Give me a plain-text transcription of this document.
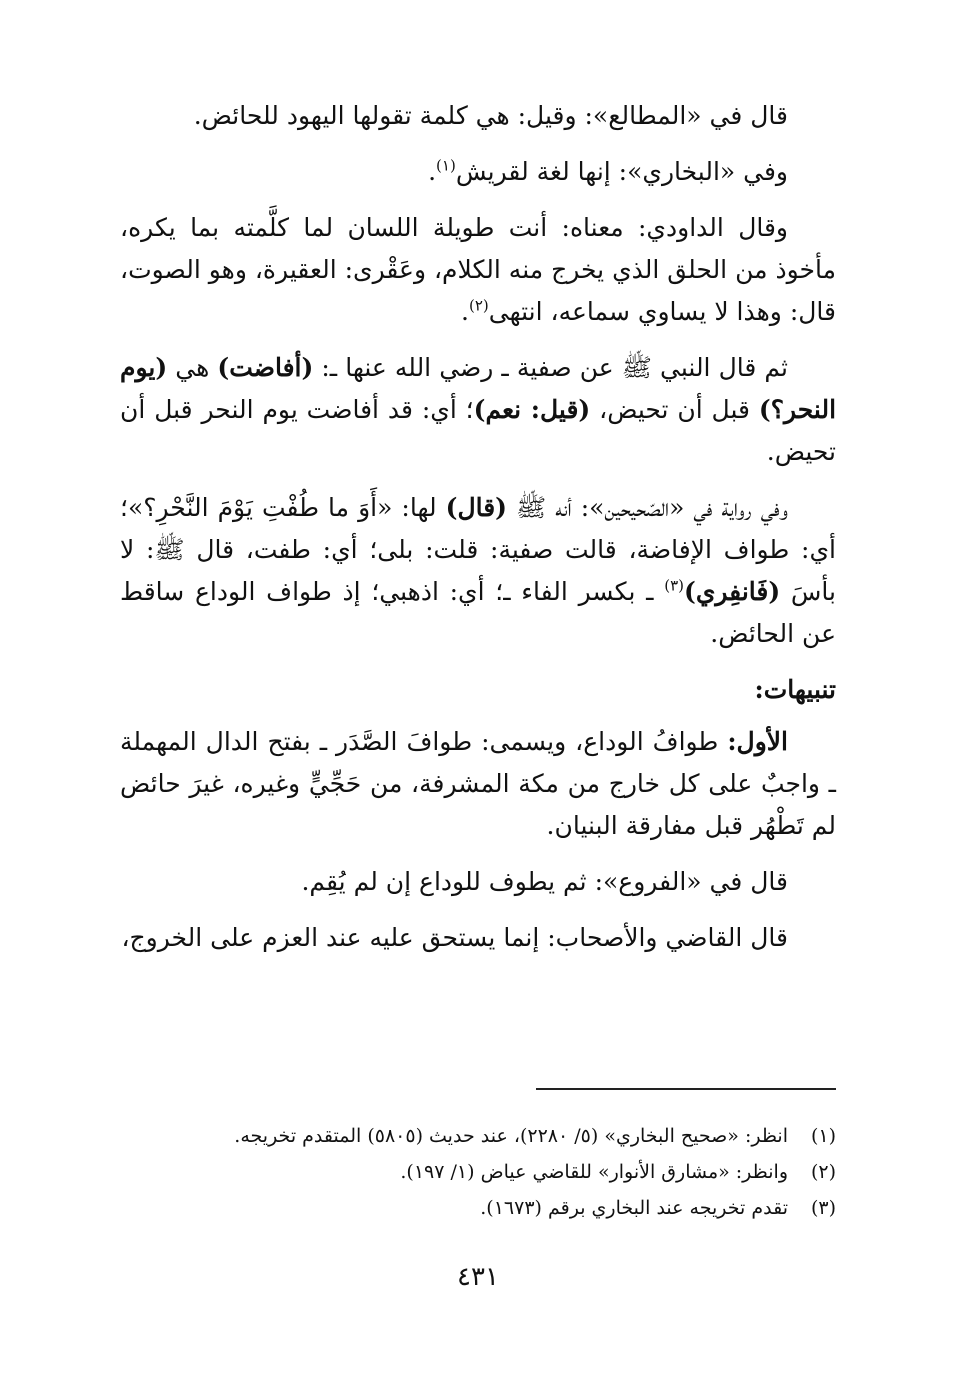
قال في «المطالع»: وقيل: هي كلمة تقولها اليهود للحائض.

وفي «البخاري»: إنها لغة لقريش$^{(١)}$.

وقال الداودي: معناه: أنت طويلة اللسان لما كلَّمته بما يكره، مأخوذ من الحلق الذي يخرج منه الكلام، وعَقْرى: العقيرة، وهو الصوت، قال: وهذا لا يساوي سماعه، انتهى$^{(٢)}$.

ثم قال النبي ﷺ عن صفية ـ رضي الله عنها ـ: (أفاضت) هي (يوم النحر؟) قبل أن تحيض، (قيل: نعم)؛ أي: قد أفاضت يوم النحر قبل أن تحيض.

وفي رواية في «الصّحيحين»: أنه ﷺ (قال) لها: «أَوَ ما طُفْتِ يَوْمَ النَّحْرِ؟»؛ أي: طواف الإفاضة، قالت صفية: قلت: بلى؛ أي: طفت، قال ﷺ: لا بأسَ (فَانفِري)$^{(٣)}$ ـ بكسر الفاء ـ؛ أي: اذهبي؛ إذ طواف الوداع ساقط عن الحائض.

تنبيهات:

الأول: طوافُ الوداع، ويسمى: طوافَ الصَّدَر ـ بفتح الدال المهملة ـ واجبٌ على كل خارج من مكة المشرفة، من حَجِّيٍّ وغيره، غيرَ حائض لم تَطْهُر قبل مفارقة البنيان.

قال في «الفروع»: ثم يطوف للوداع إن لم يُقِم.

قال القاضي والأصحاب: إنما يستحق عليه عند العزم على الخروج،

(١)
انظر: «صحيح البخاري» (٥/ ٢٢٨٠)، عند حديث (٥٨٠٥) المتقدم تخريجه.
(٢)
وانظر: «مشارق الأنوار» للقاضي عياض (١/ ١٩٧).
(٣)
تقدم تخريجه عند البخاري برقم (١٦٧٣).
٤٣١
